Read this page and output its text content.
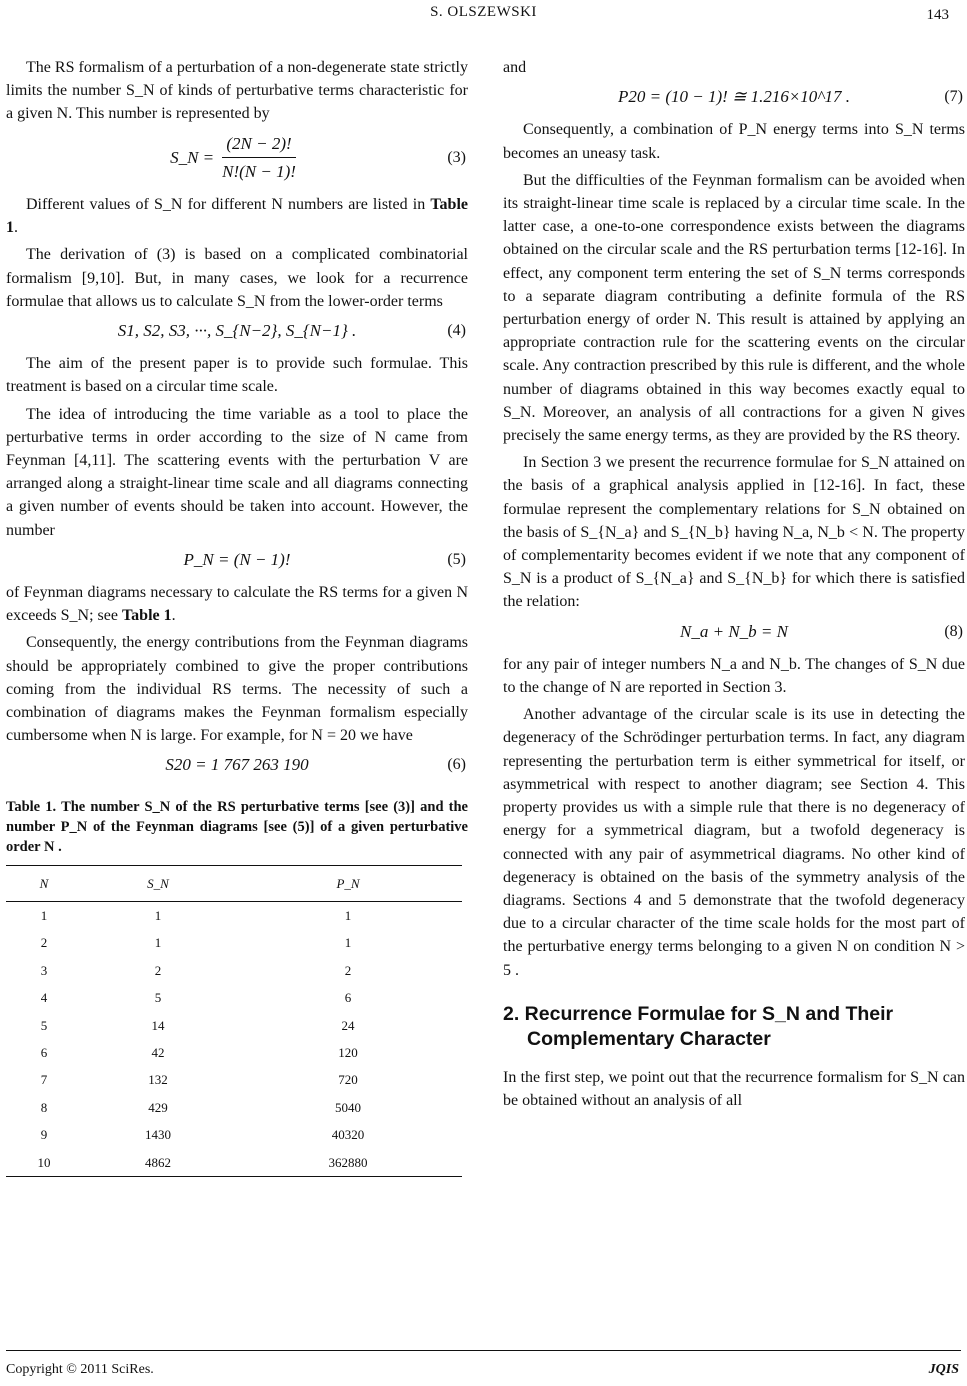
S. OLSZEWSKI	143

The RS formalism of a perturbation of a non-degenerate state strictly limits the number S_N of kinds of perturbative terms characteristic for a given N. This number is represented by

S_N = $\frac{(2N - 2)!}{N!(N - 1)!}$	(3)

Different values of S_N for different N numbers are listed in Table 1.

The derivation of (3) is based on a complicated combinatorial formalism [9,10]. But, in many cases, we look for a recurrence formulae that allows us to calculate S_N from the lower-order terms

S1, S2, S3, ···, S_{N−2}, S_{N−1} .	(4)

The aim of the present paper is to provide such formulae. This treatment is based on a circular time scale.

The idea of introducing the time variable as a tool to place the perturbative terms in order according to the size of N came from Feynman [4,11]. The scattering events with the perturbation V are arranged along a straight-linear time scale and all diagrams connecting a given number of events should be taken into account. However, the number

P_N = (N − 1)!	(5)

of Feynman diagrams necessary to calculate the RS terms for a given N exceeds S_N; see Table 1.

Consequently, the energy contributions from the Feynman diagrams should be appropriately combined to give the proper contributions coming from the individual RS terms. The necessity of such a combination of diagrams makes the Feynman formalism especially cumbersome when N is large. For example, for N = 20 we have

S20 = 1 767 263 190	(6)
Table 1. The number S_N of the RS perturbative terms [see (3)] and the number P_N of the Feynman diagrams [see (5)] of a given perturbative order N .
N	S_N	P_N
1	1	1
2	1	1
3	2	2
4	5	6
5	14	24
6	42	120
7	132	720
8	429	5040
9	1430	40320
10	4862	362880

and

P20 = (10 − 1)! ≅ 1.216×10^17 .	(7)

Consequently, a combination of P_N energy terms into S_N terms becomes an uneasy task.

But the difficulties of the Feynman formalism can be avoided when its straight-linear time scale is replaced by a circular time scale. In the latter case, a one-to-one correspondence exists between the diagrams obtained on the circular scale and the RS perturbation terms [12-16]. In effect, any component term entering the set of S_N terms corresponds to a separate diagram contributing a definite formula of the RS perturbation energy of order N. This result is attained by applying an appropriate contraction rule for the scattering events on the circular scale. Any contraction prescribed by this rule is different, and the whole number of diagrams obtained in this way becomes exactly equal to S_N. Moreover, an analysis of all contractions for a given N gives precisely the same energy terms, as they are provided by the RS theory.

In Section 3 we present the recurrence formulae for S_N attained on the basis of a graphical analysis applied in [12-16]. In fact, these formulae represent the complementary relations for S_N obtained on the basis of S_{N_a} and S_{N_b} having N_a, N_b < N. The property of complementarity becomes evident if we note that any component of S_N is a product of S_{N_a} and S_{N_b} for which there is satisfied the relation:

N_a + N_b = N	(8)

for any pair of integer numbers N_a and N_b. The changes of S_N due to the change of N are reported in Section 3.

Another advantage of the circular scale is its use in detecting the degeneracy of the Schrödinger perturbation terms. In fact, any diagram representing the perturbation term is either symmetrical for itself, or asymmetrical with respect to another diagram; see Section 4. This property provides us with a simple rule that there is no degeneracy of energy for a symmetrical diagram, but a twofold degeneracy is connected with any pair of asymmetrical diagrams. No other kind of degeneracy is obtained on the basis of the symmetry analysis of the diagrams. Sections 4 and 5 demonstrate that the twofold degeneracy due to a circular character of the time scale holds for the most part of the perturbative energy terms belonging to a given N on condition N > 5 .

2. Recurrence Formulae for S_N and Their
Complementary Character

In the first step, we point out that the recurrence formalism for S_N can be obtained without an analysis of all

Copyright © 2011 SciRes.	JQIS
